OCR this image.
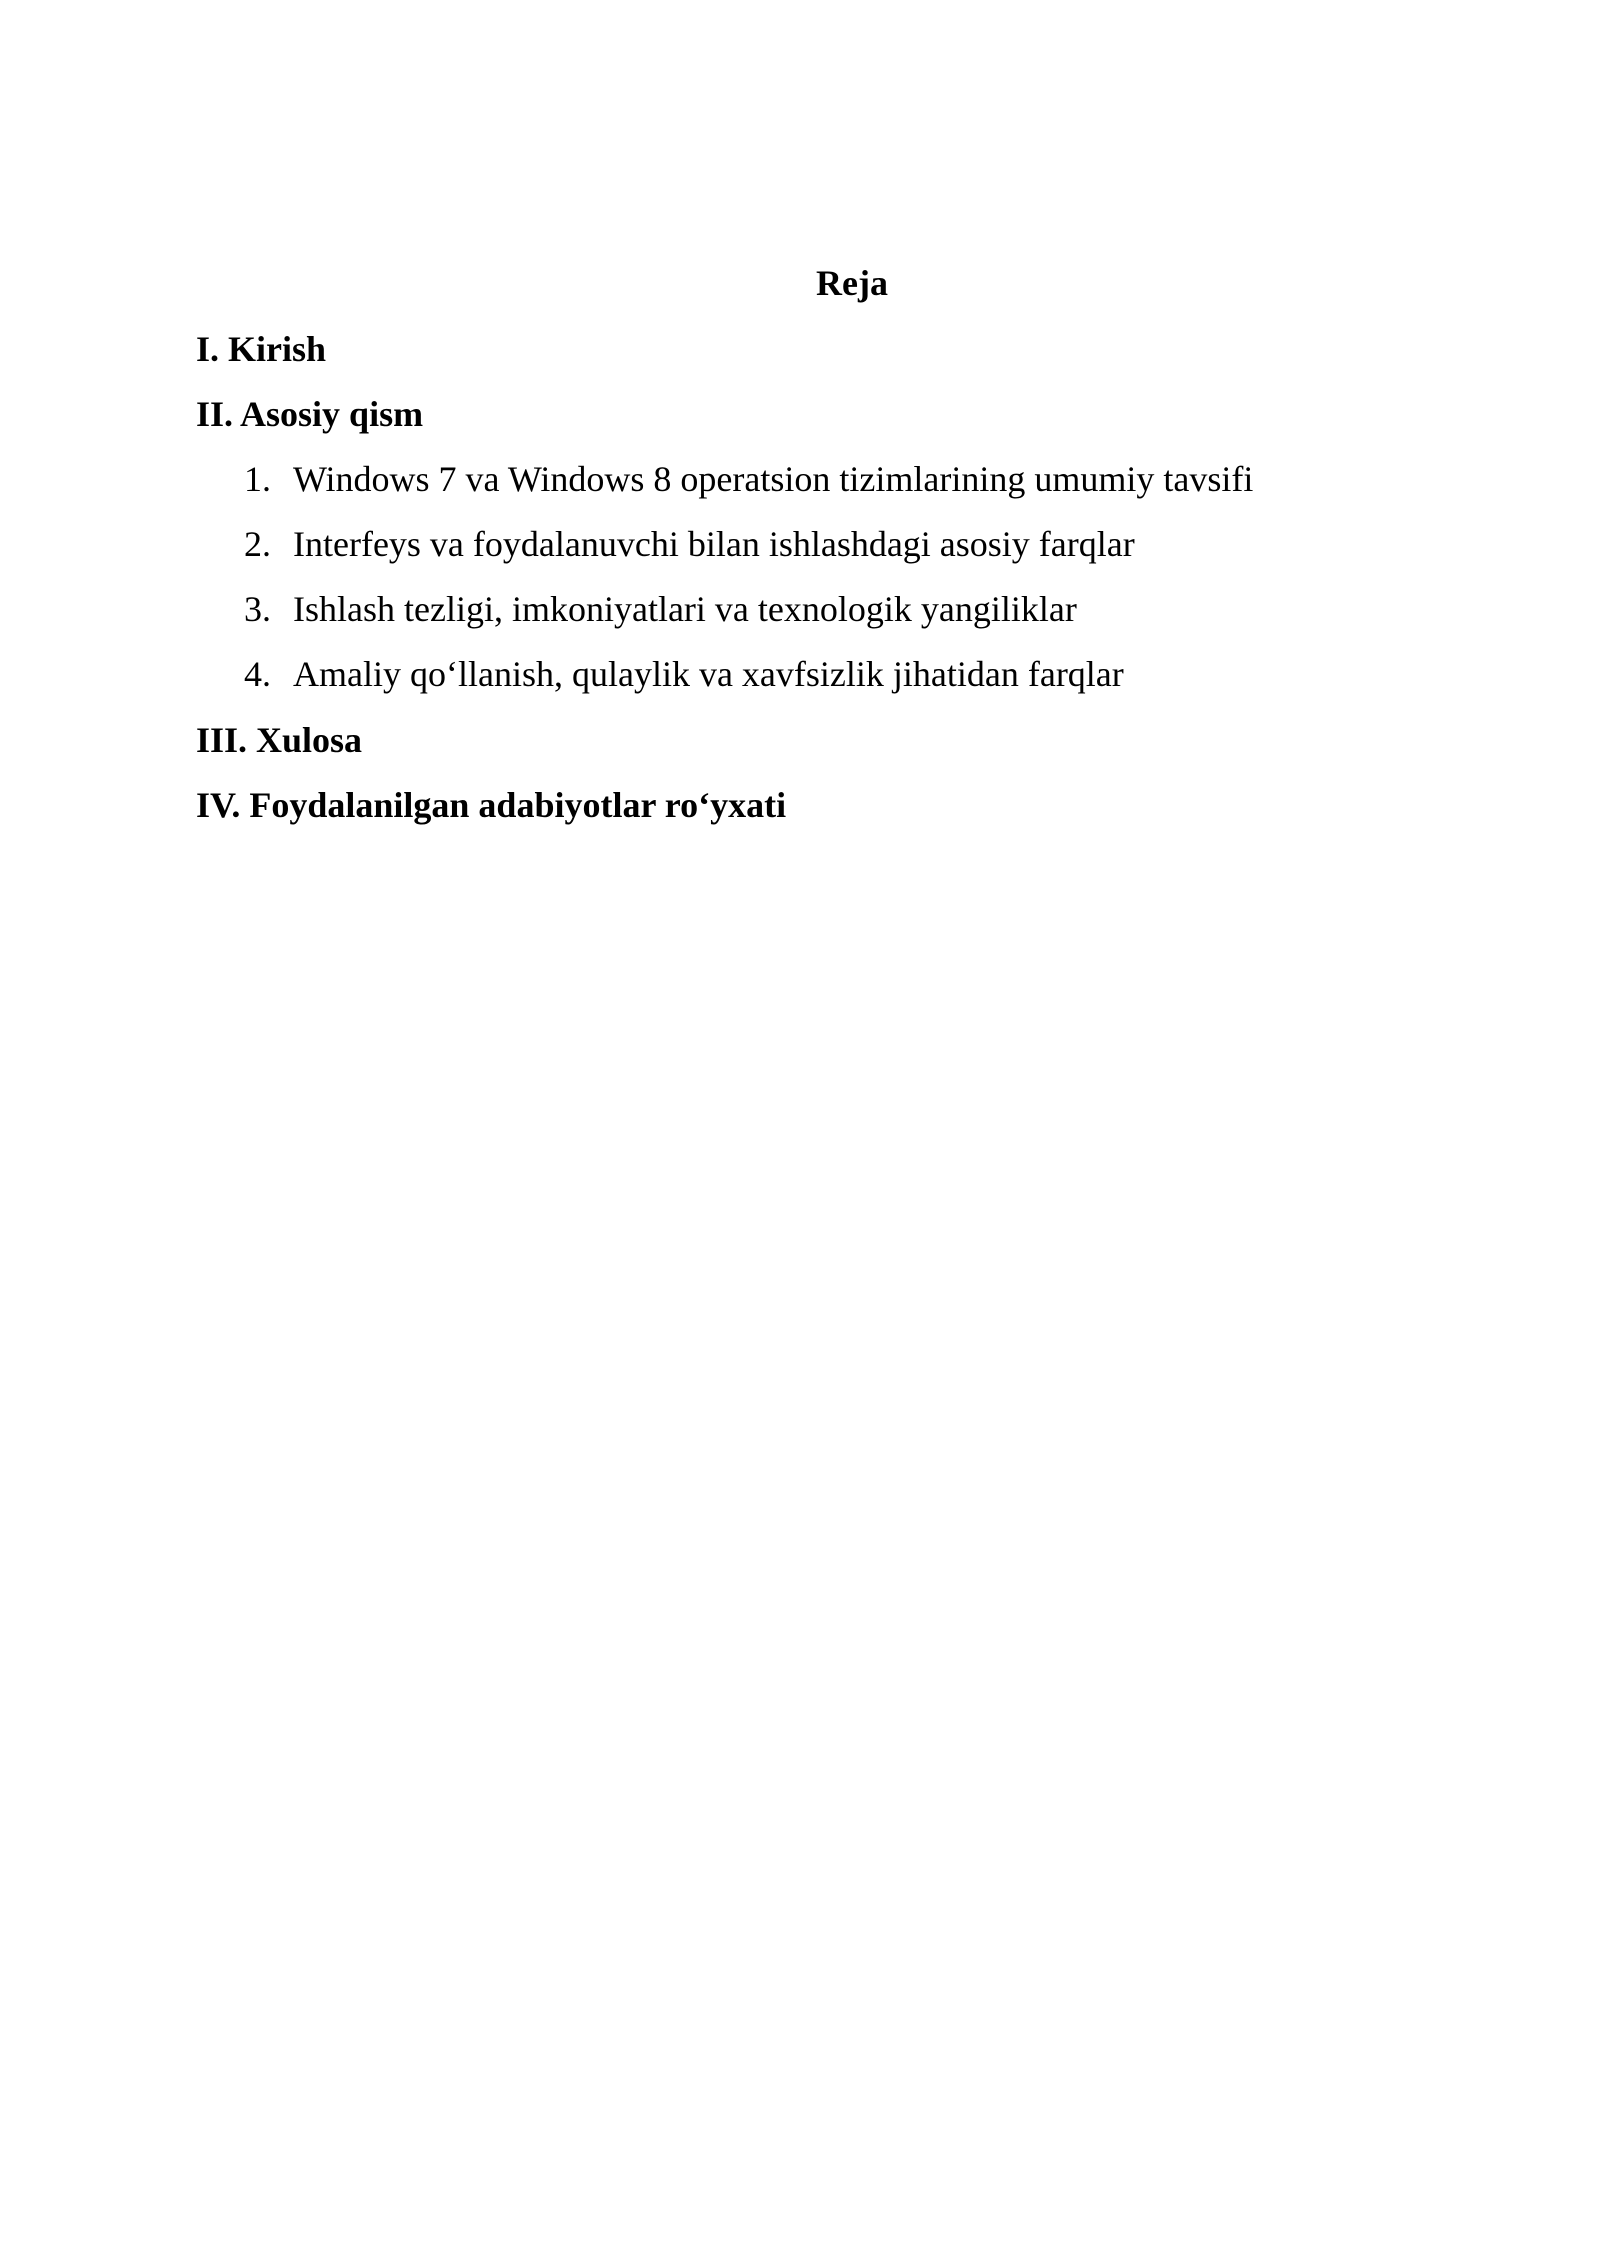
Reja

I. Kirish

II. Asosiy qism

1. Windows 7 va Windows 8 operatsion tizimlarining umumiy tavsifi
2. Interfeys va foydalanuvchi bilan ishlashdagi asosiy farqlar
3. Ishlash tezligi, imkoniyatlari va texnologik yangiliklar
4. Amaliy qo‘llanish, qulaylik va xavfsizlik jihatidan farqlar

III. Xulosa

IV. Foydalanilgan adabiyotlar ro‘yxati
